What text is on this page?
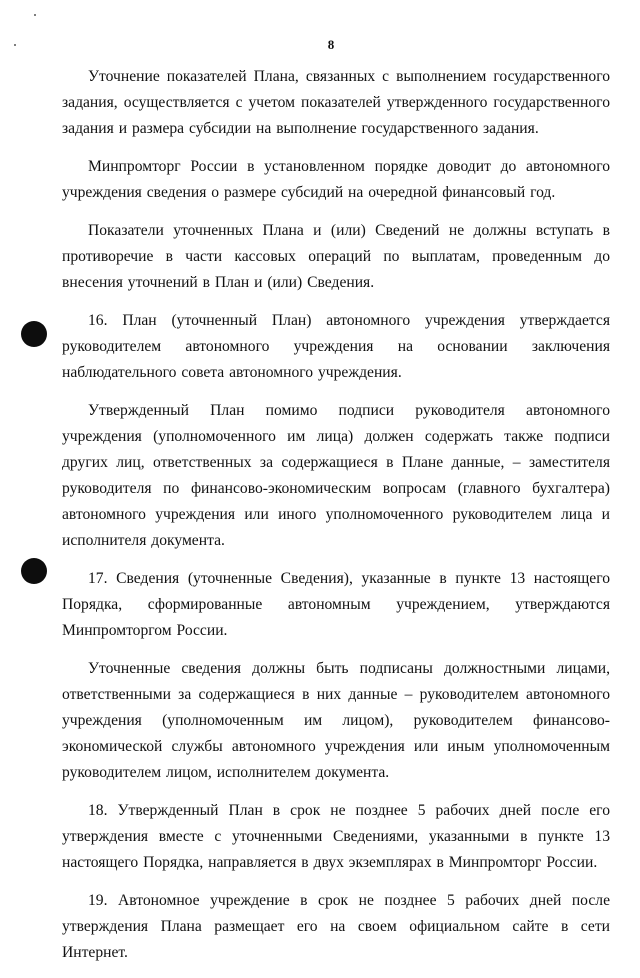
8

Уточнение показателей Плана, связанных с выполнением государственного задания, осуществляется с учетом показателей утвержденного государственного задания и размера субсидии на выполнение государственного задания.

Минпромторг России в установленном порядке доводит до автономного учреждения сведения о размере субсидий на очередной финансовый год.

Показатели уточненных Плана и (или) Сведений не должны вступать в противоречие в части кассовых операций по выплатам, проведенным до внесения уточнений в План и (или) Сведения.

16. План (уточненный План) автономного учреждения утверждается руководителем автономного учреждения на основании заключения наблюдательного совета автономного учреждения.

Утвержденный План помимо подписи руководителя автономного учреждения (уполномоченного им лица) должен содержать также подписи других лиц, ответственных за содержащиеся в Плане данные, – заместителя руководителя по финансово-экономическим вопросам (главного бухгалтера) автономного учреждения или иного уполномоченного руководителем лица и исполнителя документа.

17. Сведения (уточненные Сведения), указанные в пункте 13 настоящего Порядка, сформированные автономным учреждением, утверждаются Минпромторгом России.

Уточненные сведения должны быть подписаны должностными лицами, ответственными за содержащиеся в них данные – руководителем автономного учреждения (уполномоченным им лицом), руководителем финансово-экономической службы автономного учреждения или иным уполномоченным руководителем лицом, исполнителем документа.

18. Утвержденный План в срок не позднее 5 рабочих дней после его утверждения вместе с уточненными Сведениями, указанными в пункте 13 настоящего Порядка, направляется в двух экземплярах в Минпромторг России.

19. Автономное учреждение в срок не позднее 5 рабочих дней после утверждения Плана размещает его на своем официальном сайте в сети Интернет.
